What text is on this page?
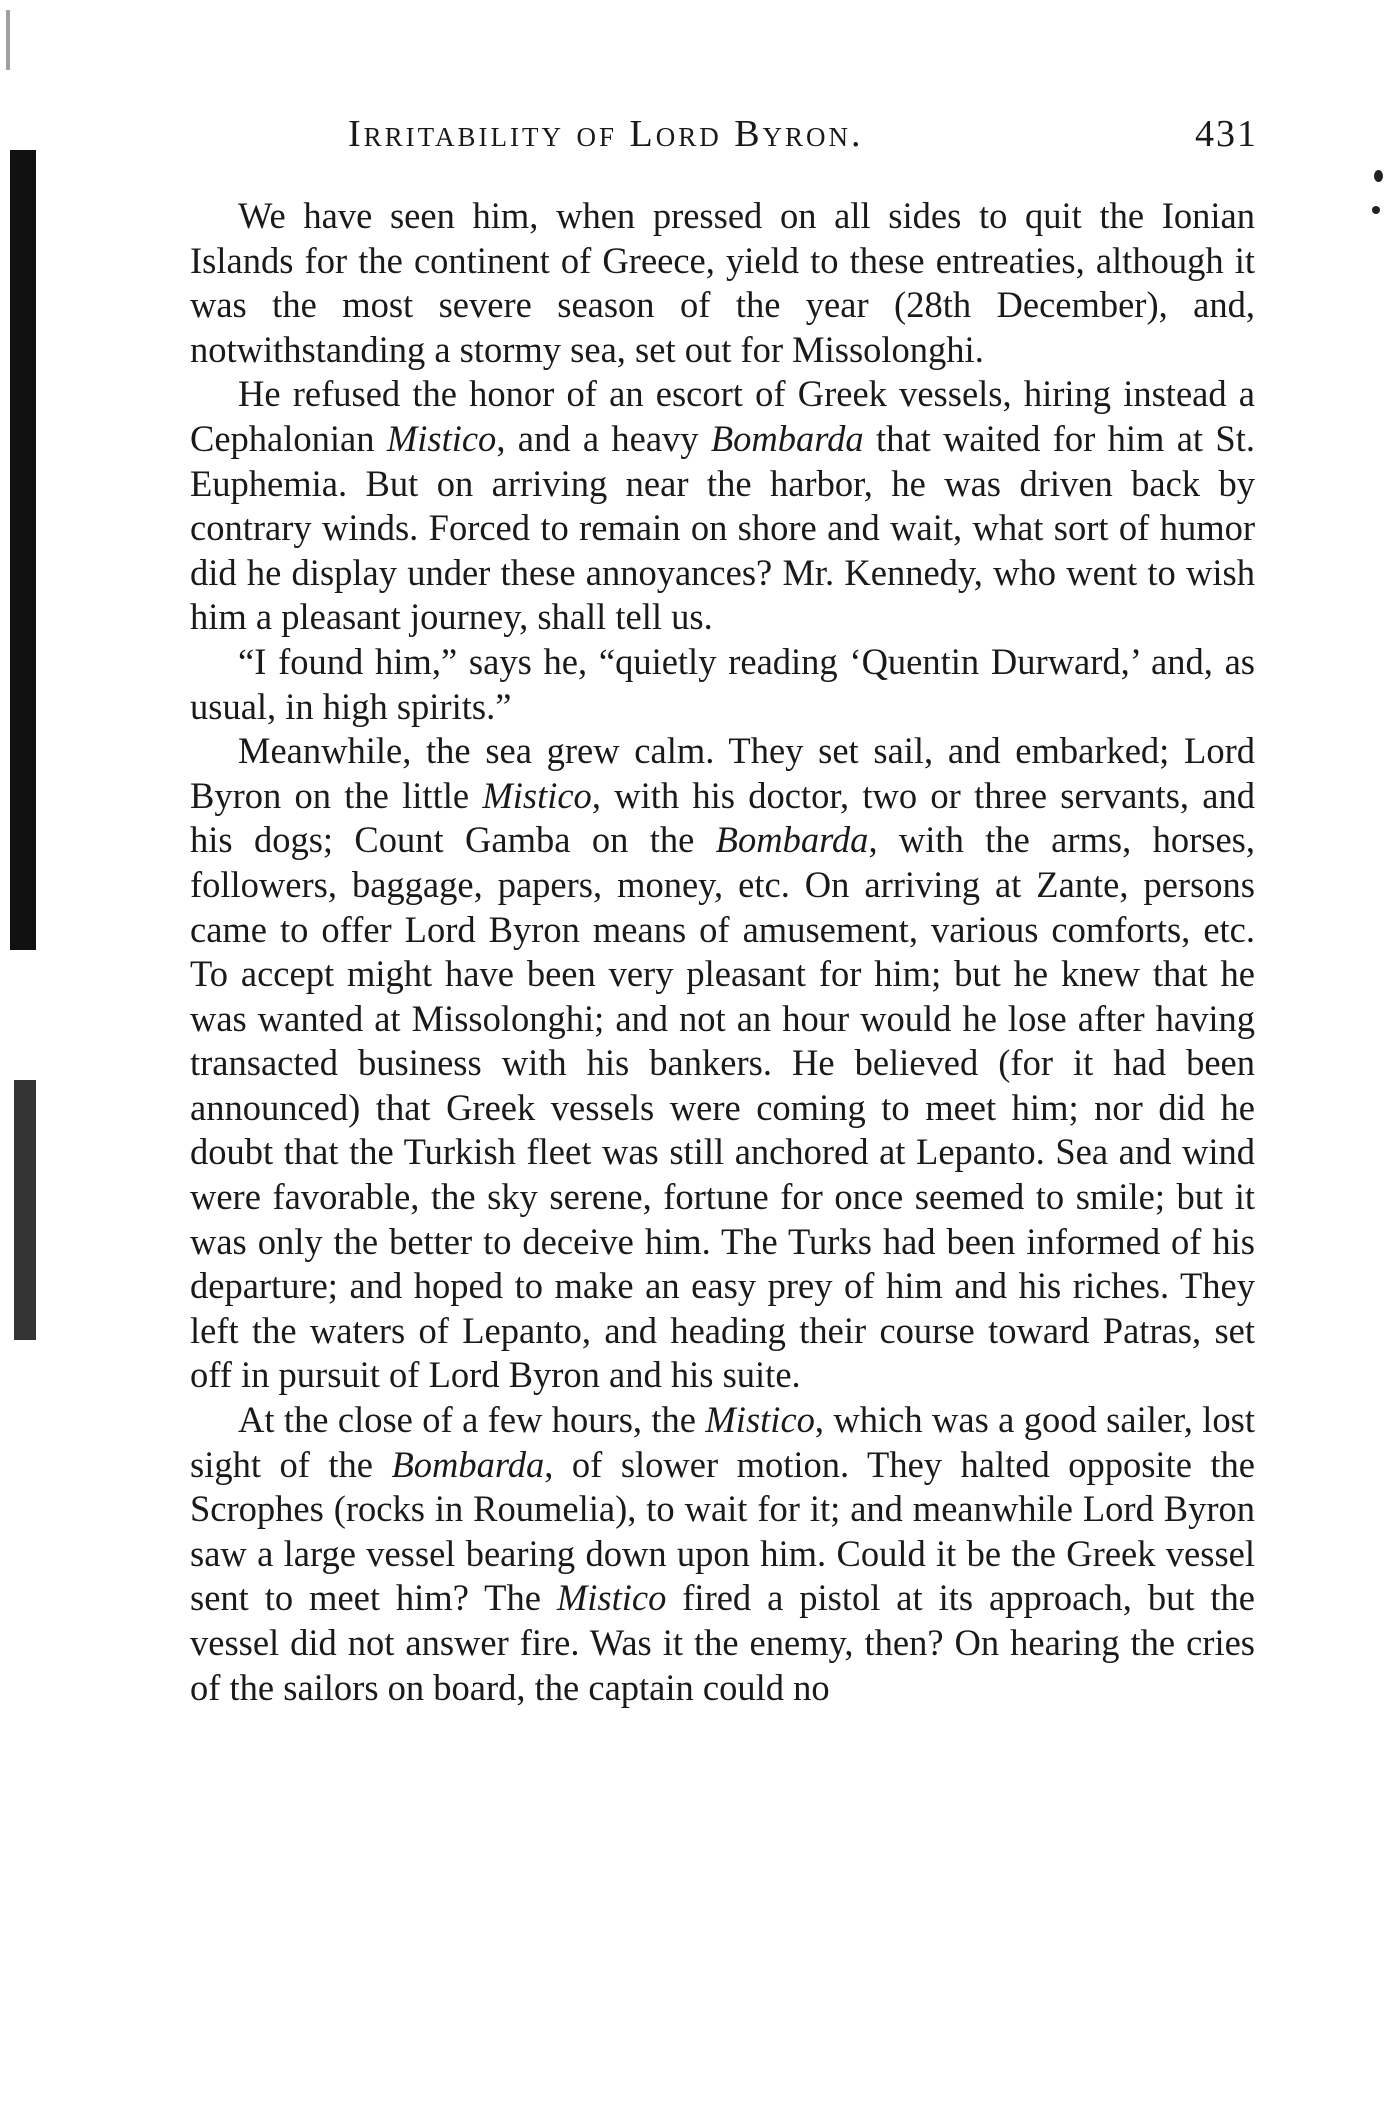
Irritability of Lord Byron.	431

We have seen him, when pressed on all sides to quit the Ionian Islands for the continent of Greece, yield to these entreaties, although it was the most severe season of the year (28th December), and, notwithstanding a stormy sea, set out for Missolonghi.

He refused the honor of an escort of Greek vessels, hiring instead a Cephalonian Mistico, and a heavy Bombarda that waited for him at St. Euphemia. But on arriving near the harbor, he was driven back by contrary winds. Forced to remain on shore and wait, what sort of humor did he display under these annoyances? Mr. Kennedy, who went to wish him a pleasant journey, shall tell us.

“I found him,” says he, “quietly reading ‘Quentin Durward,’ and, as usual, in high spirits.”

Meanwhile, the sea grew calm. They set sail, and embarked; Lord Byron on the little Mistico, with his doctor, two or three servants, and his dogs; Count Gamba on the Bombarda, with the arms, horses, followers, baggage, papers, money, etc. On arriving at Zante, persons came to offer Lord Byron means of amusement, various comforts, etc. To accept might have been very pleasant for him; but he knew that he was wanted at Missolonghi; and not an hour would he lose after having transacted business with his bankers. He believed (for it had been announced) that Greek vessels were coming to meet him; nor did he doubt that the Turkish fleet was still anchored at Lepanto. Sea and wind were favorable, the sky serene, fortune for once seemed to smile; but it was only the better to deceive him. The Turks had been informed of his departure; and hoped to make an easy prey of him and his riches. They left the waters of Lepanto, and heading their course toward Patras, set off in pursuit of Lord Byron and his suite.

At the close of a few hours, the Mistico, which was a good sailer, lost sight of the Bombarda, of slower motion. They halted opposite the Scrophes (rocks in Roumelia), to wait for it; and meanwhile Lord Byron saw a large vessel bearing down upon him. Could it be the Greek vessel sent to meet him? The Mistico fired a pistol at its approach, but the vessel did not answer fire. Was it the enemy, then? On hearing the cries of the sailors on board, the captain could no
